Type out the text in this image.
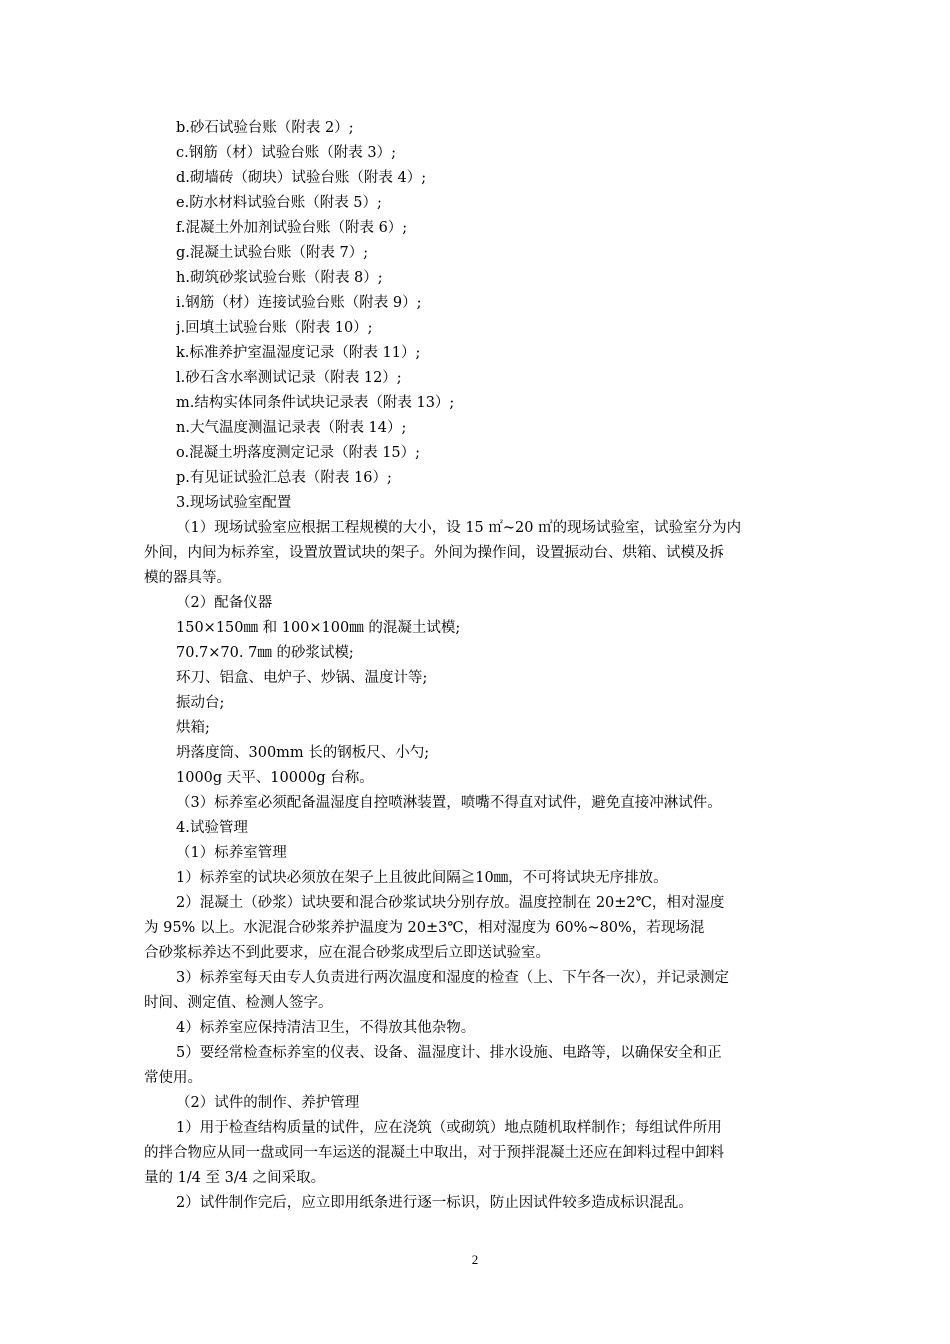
b.砂石试验台账（附表 2）;
c.钢筋（材）试验台账（附表 3）;
d.砌墙砖（砌块）试验台账（附表 4）;
e.防水材料试验台账（附表 5）;
f.混凝土外加剂试验台账（附表 6）;
g.混凝土试验台账（附表 7）;
h.砌筑砂浆试验台账（附表 8）;
i.钢筋（材）连接试验台账（附表 9）;
j.回填土试验台账（附表 10）;
k.标准养护室温湿度记录（附表 11）;
l.砂石含水率测试记录（附表 12）;
m.结构实体同条件试块记录表（附表 13）;
n.大气温度测温记录表（附表 14）;
o.混凝土坍落度测定记录（附表 15）;
p.有见证试验汇总表（附表 16）;
3.现场试验室配置
（1）现场试验室应根据工程规模的大小，设 15 ㎡~20 ㎡的现场试验室，试验室分为内
外间，内间为标养室，设置放置试块的架子。外间为操作间，设置振动台、烘箱、试模及拆
模的器具等。
（2）配备仪器
150×150㎜ 和 100×100㎜ 的混凝土试模;
70.7×70. 7㎜ 的砂浆试模;
环刀、铝盒、电炉子、炒锅、温度计等;
振动台;
烘箱;
坍落度筒、300mm 长的钢板尺、小勺;
1000g 天平、10000g 台称。
（3）标养室必须配备温湿度自控喷淋装置，喷嘴不得直对试件，避免直接冲淋试件。
4.试验管理
（1）标养室管理
1）标养室的试块必须放在架子上且彼此间隔≧10㎜，不可将试块无序排放。
2）混凝土（砂浆）试块要和混合砂浆试块分别存放。温度控制在 20±2℃，相对湿度
为 95% 以上。水泥混合砂浆养护温度为 20±3℃，相对湿度为 60%~80%，若现场混
合砂浆标养达不到此要求，应在混合砂浆成型后立即送试验室。
3）标养室每天由专人负责进行两次温度和湿度的检查（上、下午各一次），并记录测定
时间、测定值、检测人签字。
4）标养室应保持清洁卫生，不得放其他杂物。
5）要经常检查标养室的仪表、设备、温湿度计、排水设施、电路等，以确保安全和正
常使用。
（2）试件的制作、养护管理
1）用于检查结构质量的试件，应在浇筑（或砌筑）地点随机取样制作；每组试件所用
的拌合物应从同一盘或同一车运送的混凝土中取出，对于预拌混凝土还应在卸料过程中卸料
量的 1/4 至 3/4 之间采取。
2）试件制作完后，应立即用纸条进行逐一标识，防止因试件较多造成标识混乱。
2
